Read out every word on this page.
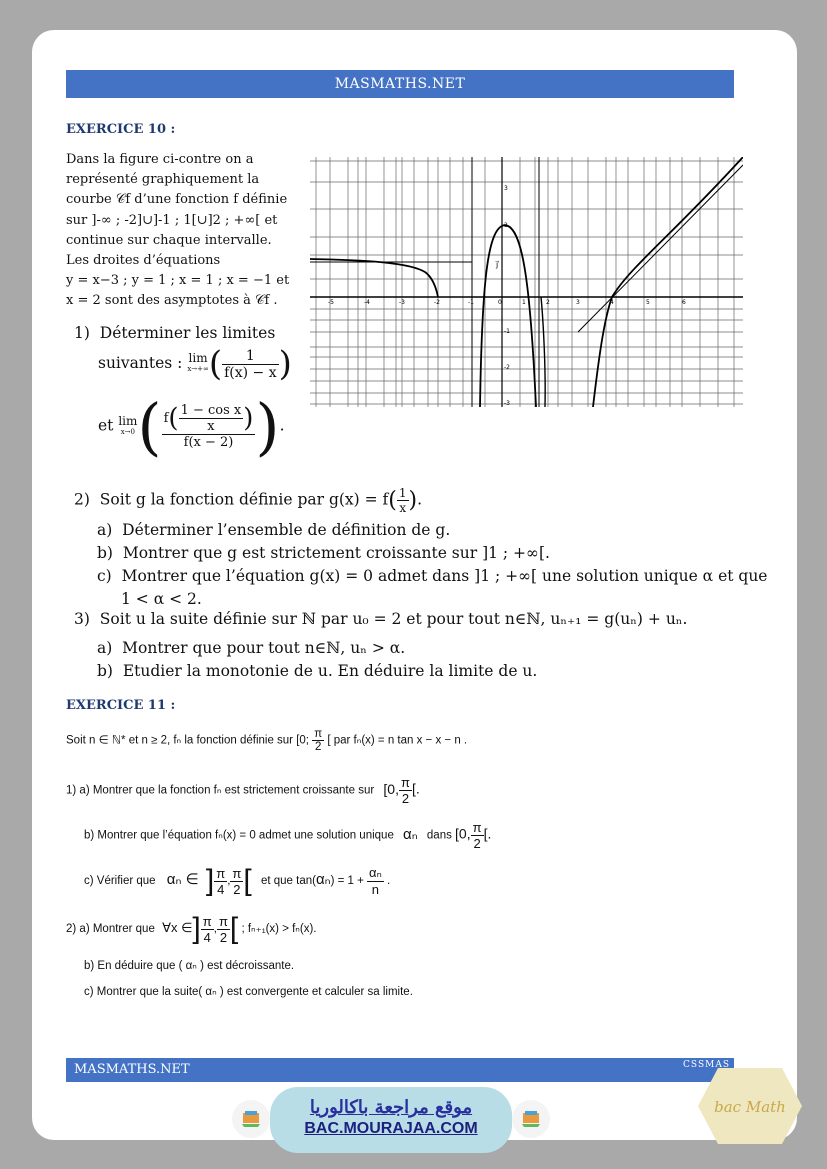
MASMATHS.NET
EXERCICE 10 :
Dans la figure ci-contre on a
représenté graphiquement la
courbe 𝒞f d’une fonction f définie
sur ]-∞ ; -2]∪]-1 ; 1[∪]2 ; +∞[ et
continue sur chaque intervalle.
Les droites d’équations
y = x−3 ; y = 1 ; x = 1 ; x = −1 et
x = 2 sont des asymptotes à 𝒞f .
1) Déterminer les limites
suivantes : lim
x→+∞ ( $\frac{1}{f(x) - x}$ )
et lim
x→0 ( $\frac{f( \frac{\text{1 − cos x}}{x} )}{f(x - 2)}$ ).
2) Soit g la fonction définie par $g(x) = f( \frac{1}{x}$ ).
a) Déterminer l’ensemble de définition de g.
b) Montrer que g est strictement croissante sur ]1 ; +∞[.
c) Montrer que l’équation g(x) = 0 admet dans ]1 ; +∞[ une solution unique α et que
1 < α < 2.
3) Soit u la suite définie sur ℕ par u₀ = 2 et pour tout n∈ℕ, uₙ₊₁ = g(uₙ) + uₙ.
a) Montrer que pour tout n∈ℕ, uₙ > α.
b) Etudier la monotonie de u. En déduire la limite de u.
-5	-4	-3	-2	-1	0	1	2	3	4	5	6
3
2
-1
-2
-3
j⃗
EXERCICE 11 :
Soit n ∈ ℕ* et n ≥ 2, fₙ la fonction définie sur [0; $\frac{\pi}{2}$ [ par fₙ(x) = n tan x − x − n .
1) a) Montrer que la fonction fₙ est strictement croissante sur [0, $\frac{\pi}{2}$ [.
b) Montrer que l’équation fₙ(x) = 0 admet une solution unique αₙ dans [0, $\frac{\pi}{2}$ [.
c) Vérifier que αₙ ∈ ] $\frac{\pi}{4}$ , $\frac{\pi}{2}$ [ et que $\tan(\alpha_n) = 1 + \frac{\text{αₙ}}{n}$ .
2) a) Montrer que ∀x ∈] $\frac{\pi}{4}$ , $\frac{\pi}{2}$ [ ; fₙ₊₁(x) > fₙ(x).
b) En déduire que ( αₙ ) est décroissante.
c) Montrer que la suite( αₙ ) est convergente et calculer sa limite.
MASMATHS.NET	CSSMAS
موقع مراجعة باكالوريا
BAC.MOURAJAA.COM
bac Math
